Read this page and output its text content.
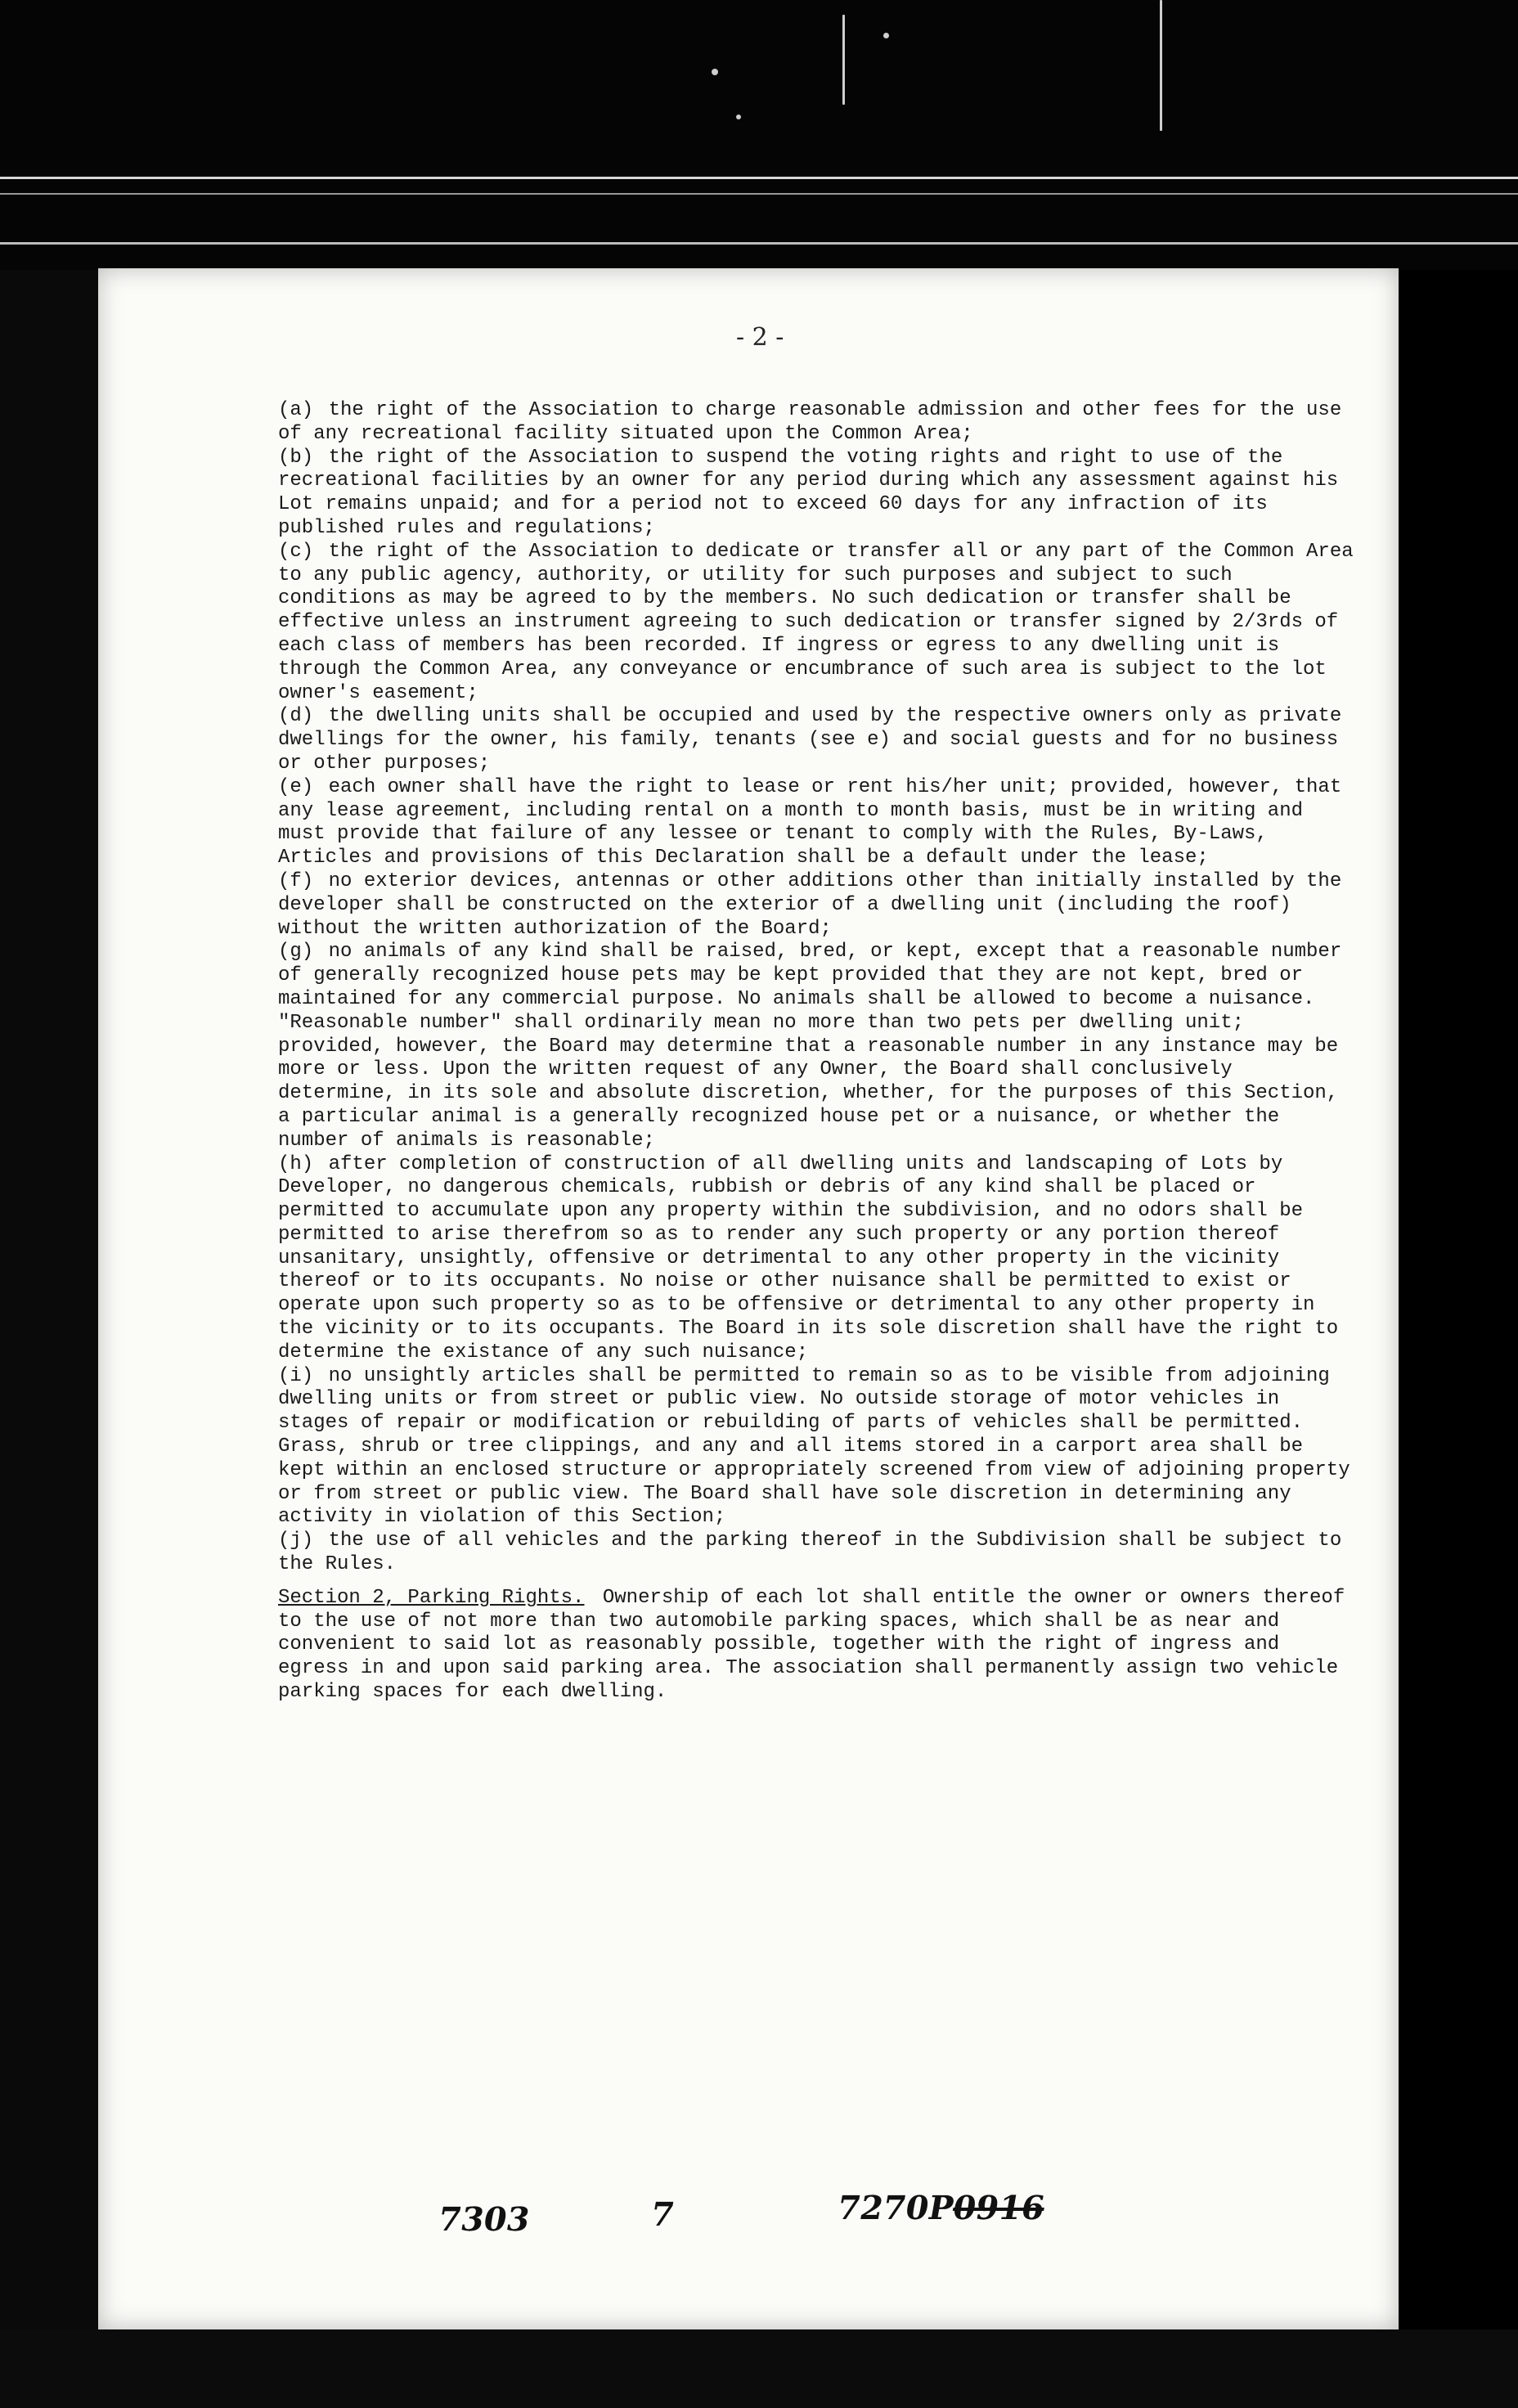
- 2 -

(a) the right of the Association to charge reasonable admission and other fees for the use of any recreational facility situated upon the Common Area;

(b) the right of the Association to suspend the voting rights and right to use of the recreational facilities by an owner for any period during which any assessment against his Lot remains unpaid; and for a period not to exceed 60 days for any infraction of its published rules and regulations;

(c) the right of the Association to dedicate or transfer all or any part of the Common Area to any public agency, authority, or utility for such purposes and subject to such conditions as may be agreed to by the members. No such dedication or transfer shall be effective unless an instrument agreeing to such dedication or transfer signed by 2/3rds of each class of members has been recorded. If ingress or egress to any dwelling unit is through the Common Area, any conveyance or encumbrance of such area is subject to the lot owner's easement;

(d) the dwelling units shall be occupied and used by the respective owners only as private dwellings for the owner, his family, tenants (see e) and social guests and for no business or other purposes;

(e) each owner shall have the right to lease or rent his/her unit; provided, however, that any lease agreement, including rental on a month to month basis, must be in writing and must provide that failure of any lessee or tenant to comply with the Rules, By-Laws, Articles and provisions of this Declaration shall be a default under the lease;

(f) no exterior devices, antennas or other additions other than initially installed by the developer shall be constructed on the exterior of a dwelling unit (including the roof) without the written authorization of the Board;

(g) no animals of any kind shall be raised, bred, or kept, except that a reasonable number of generally recognized house pets may be kept provided that they are not kept, bred or maintained for any commercial purpose. No animals shall be allowed to become a nuisance. "Reasonable number" shall ordinarily mean no more than two pets per dwelling unit; provided, however, the Board may determine that a reasonable number in any instance may be more or less. Upon the written request of any Owner, the Board shall conclusively determine, in its sole and absolute discretion, whether, for the purposes of this Section, a particular animal is a generally recognized house pet or a nuisance, or whether the number of animals is reasonable;

(h) after completion of construction of all dwelling units and landscaping of Lots by Developer, no dangerous chemicals, rubbish or debris of any kind shall be placed or permitted to accumulate upon any property within the subdivision, and no odors shall be permitted to arise therefrom so as to render any such property or any portion thereof unsanitary, unsightly, offensive or detrimental to any other property in the vicinity thereof or to its occupants. No noise or other nuisance shall be permitted to exist or operate upon such property so as to be offensive or detrimental to any other property in the vicinity or to its occupants. The Board in its sole discretion shall have the right to determine the existance of any such nuisance;

(i) no unsightly articles shall be permitted to remain so as to be visible from adjoining dwelling units or from street or public view. No outside storage of motor vehicles in stages of repair or modification or rebuilding of parts of vehicles shall be permitted. Grass, shrub or tree clippings, and any and all items stored in a carport area shall be kept within an enclosed structure or appropriately screened from view of adjoining property or from street or public view. The Board shall have sole discretion in determining any activity in violation of this Section;

(j) the use of all vehicles and the parking thereof in the Subdivision shall be subject to the Rules.

Section 2, Parking Rights. Ownership of each lot shall entitle the owner or owners thereof to the use of not more than two automobile parking spaces, which shall be as near and convenient to said lot as reasonably possible, together with the right of ingress and egress in and upon said parking area. The association shall permanently assign two vehicle parking spaces for each dwelling.

7303	7	7270P0916
